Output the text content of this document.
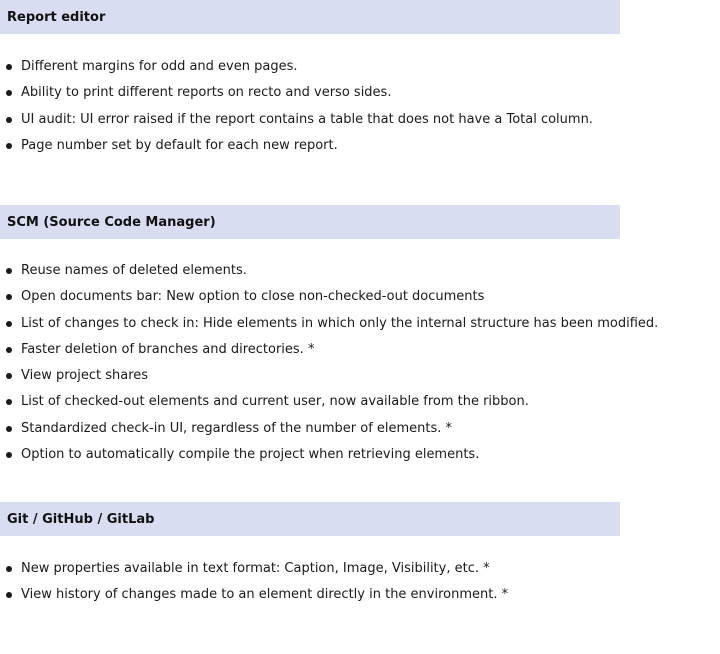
Report editor
Different margins for odd and even pages.
Ability to print different reports on recto and verso sides.
UI audit: UI error raised if the report contains a table that does not have a Total column.
Page number set by default for each new report.
SCM (Source Code Manager)
Reuse names of deleted elements.
Open documents bar: New option to close non-checked-out documents
List of changes to check in: Hide elements in which only the internal structure has been modified.
Faster deletion of branches and directories. *
View project shares
List of checked-out elements and current user, now available from the ribbon.
Standardized check-in UI, regardless of the number of elements. *
Option to automatically compile the project when retrieving elements.
Git / GitHub / GitLab
New properties available in text format: Caption, Image, Visibility, etc. *
View history of changes made to an element directly in the environment. *
